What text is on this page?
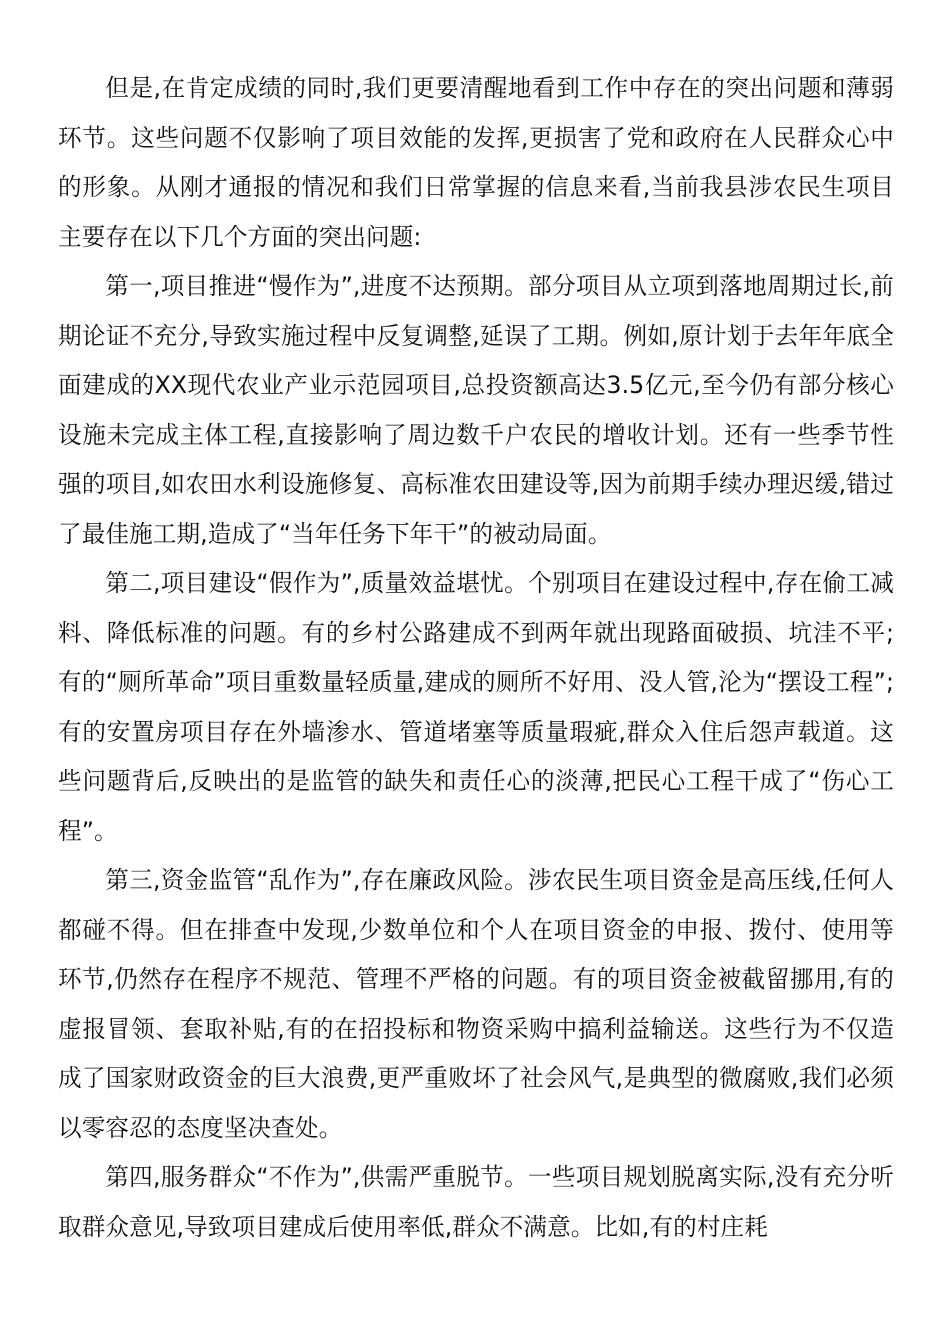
但是,在肯定成绩的同时,我们更要清醒地看到工作中存在的突出问题和薄弱环节。这些问题不仅影响了项目效能的发挥,更损害了党和政府在人民群众心中的形象。从刚才通报的情况和我们日常掌握的信息来看,当前我县涉农民生项目主要存在以下几个方面的突出问题:

第一,项目推进“慢作为”,进度不达预期。部分项目从立项到落地周期过长,前期论证不充分,导致实施过程中反复调整,延误了工期。例如,原计划于去年年底全面建成的XX现代农业产业示范园项目,总投资额高达3.5亿元,至今仍有部分核心设施未完成主体工程,直接影响了周边数千户农民的增收计划。还有一些季节性强的项目,如农田水利设施修复、高标准农田建设等,因为前期手续办理迟缓,错过了最佳施工期,造成了“当年任务下年干”的被动局面。

第二,项目建设“假作为”,质量效益堪忧。个别项目在建设过程中,存在偷工减料、降低标准的问题。有的乡村公路建成不到两年就出现路面破损、坑洼不平;有的“厕所革命”项目重数量轻质量,建成的厕所不好用、没人管,沦为“摆设工程”;有的安置房项目存在外墙渗水、管道堵塞等质量瑕疵,群众入住后怨声载道。这些问题背后,反映出的是监管的缺失和责任心的淡薄,把民心工程干成了“伤心工程”。

第三,资金监管“乱作为”,存在廉政风险。涉农民生项目资金是高压线,任何人都碰不得。但在排查中发现,少数单位和个人在项目资金的申报、拨付、使用等环节,仍然存在程序不规范、管理不严格的问题。有的项目资金被截留挪用,有的虚报冒领、套取补贴,有的在招投标和物资采购中搞利益输送。这些行为不仅造成了国家财政资金的巨大浪费,更严重败坏了社会风气,是典型的微腐败,我们必须以零容忍的态度坚决查处。

第四,服务群众“不作为”,供需严重脱节。一些项目规划脱离实际,没有充分听取群众意见,导致项目建成后使用率低,群众不满意。比如,有的村庄耗
